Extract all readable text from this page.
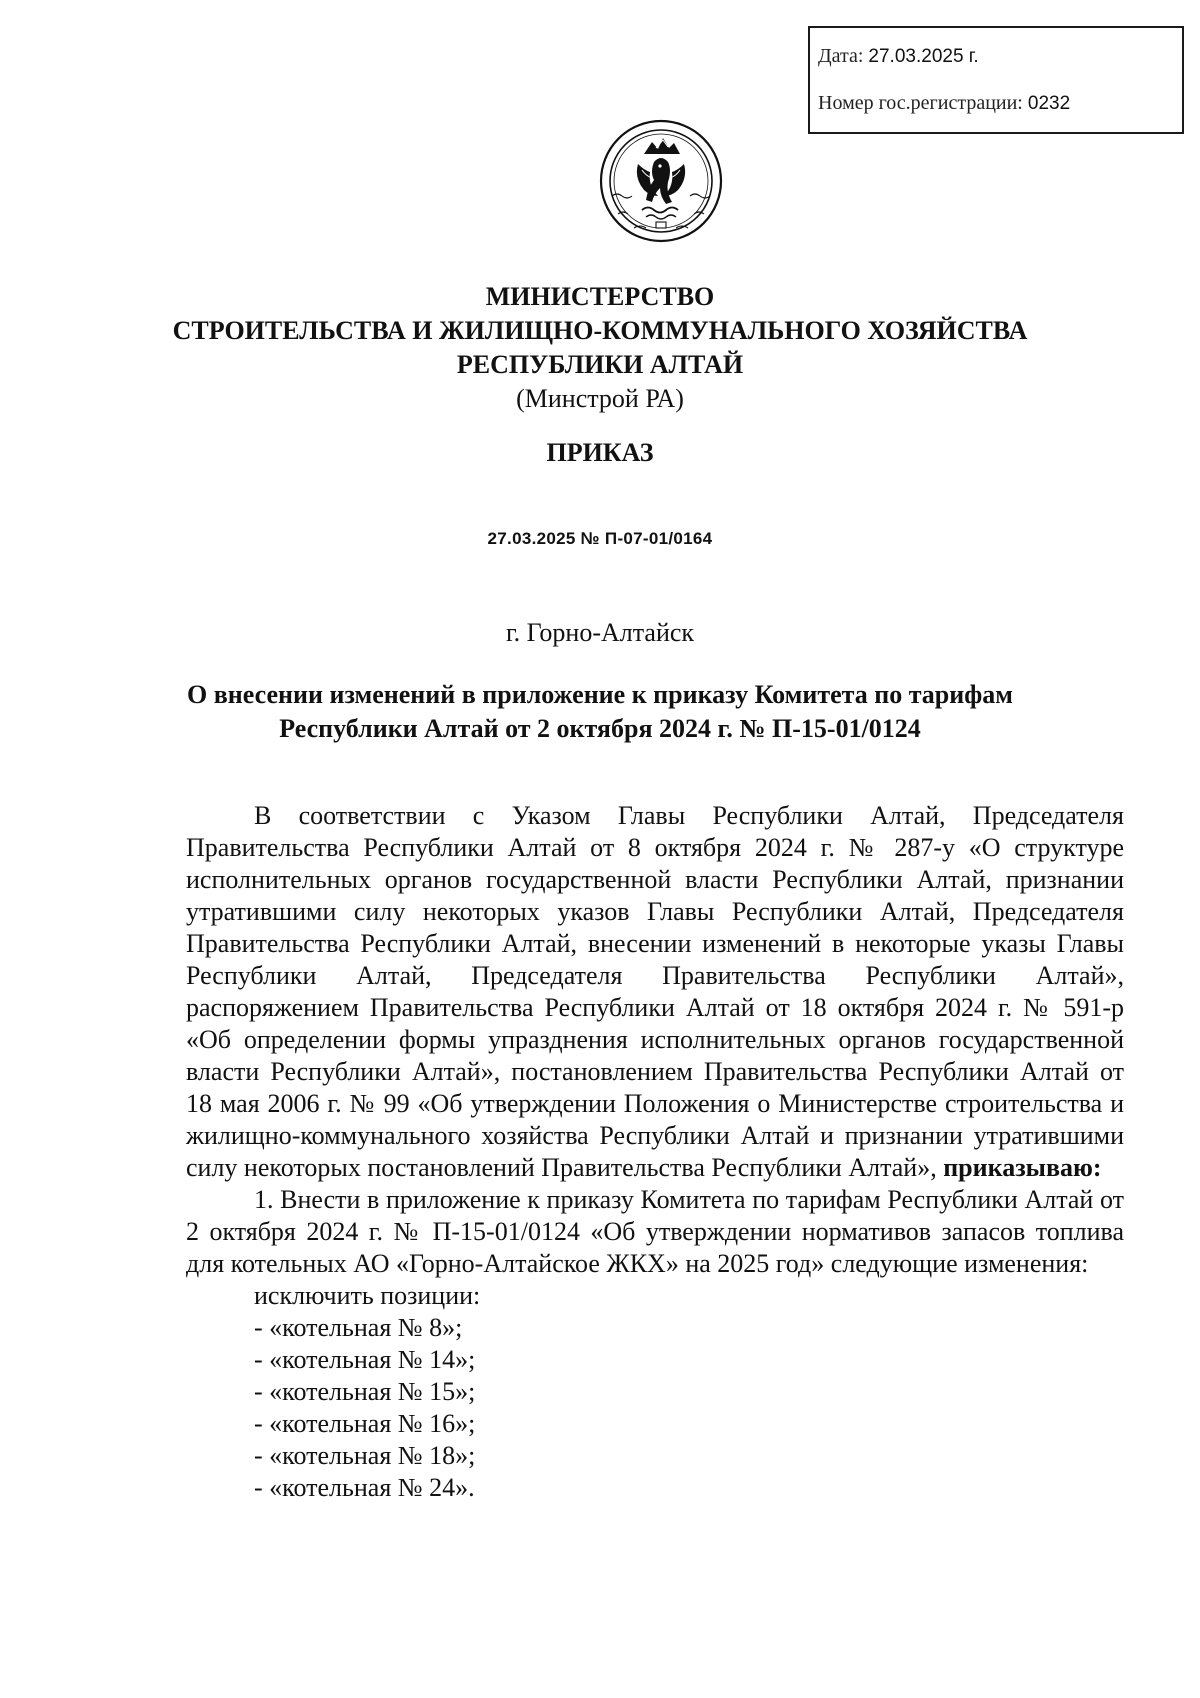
Дата: 27.03.2025 г.
Номер гос.регистрации: 0232
МИНИСТЕРСТВО
СТРОИТЕЛЬСТВА И ЖИЛИЩНО-КОММУНАЛЬНОГО ХОЗЯЙСТВА
РЕСПУБЛИКИ АЛТАЙ
(Минстрой РА)
ПРИКАЗ
27.03.2025 № П-07-01/0164
г. Горно-Алтайск
О внесении изменений в приложение к приказу Комитета по тарифам
Республики Алтай от 2 октября 2024 г. № П-15-01/0124

В соответствии с Указом Главы Республики Алтай, Председателя Правительства Республики Алтай от 8 октября 2024 г. № 287-у «О структуре исполнительных органов государственной власти Республики Алтай, признании утратившими силу некоторых указов Главы Республики Алтай, Председателя Правительства Республики Алтай, внесении изменений в некоторые указы Главы Республики Алтай, Председателя Правительства Республики Алтай», распоряжением Правительства Республики Алтай от 18 октября 2024 г. № 591-р «Об определении формы упразднения исполнительных органов государственной власти Республики Алтай», постановлением Правительства Республики Алтай от 18 мая 2006 г. № 99 «Об утверждении Положения о Министерстве строительства и жилищно-коммунального хозяйства Республики Алтай и признании утратившими силу некоторых постановлений Правительства Республики Алтай», приказываю:

1. Внести в приложение к приказу Комитета по тарифам Республики Алтай от 2 октября 2024 г. № П-15-01/0124 «Об утверждении нормативов запасов топлива для котельных АО «Горно-Алтайское ЖКХ» на 2025 год» следующие изменения:

исключить позиции:
- «котельная № 8»;
- «котельная № 14»;
- «котельная № 15»;
- «котельная № 16»;
- «котельная № 18»;
- «котельная № 24».
